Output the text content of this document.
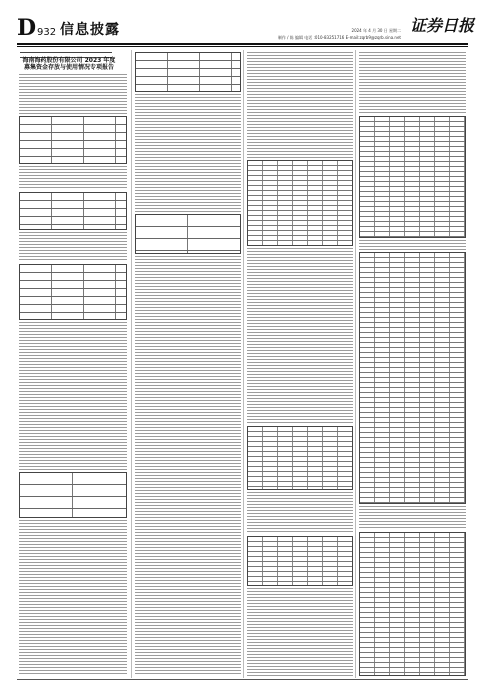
D 932 信息披露	2024 年 4 月 30 日 星期二
制作 / 陈 编辑 电话 :010-83251716 E-mail:zqrb9@zqrb.sina.net
证券日报
海南海药股份有限公司 2023 年度
募集资金存放与使用情况专项报告
